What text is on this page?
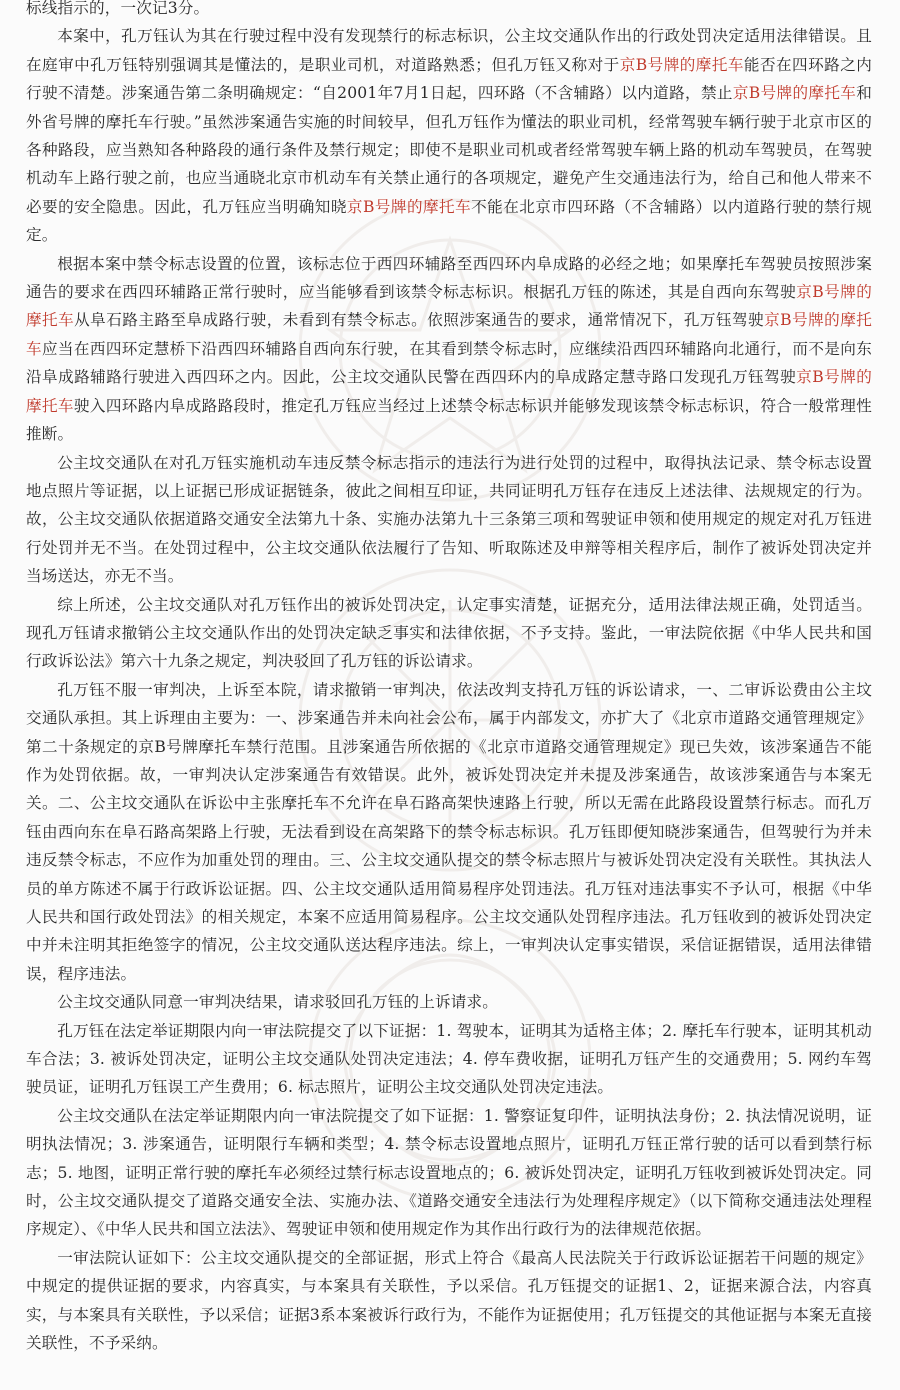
标线指示的，一次记3分。

本案中，孔万钰认为其在行驶过程中没有发现禁行的标志标识，公主坟交通队作出的行政处罚决定适用法律错误。且在庭审中孔万钰特别强调其是懂法的，是职业司机，对道路熟悉；但孔万钰又称对于京B号牌的摩托车能否在四环路之内行驶不清楚。涉案通告第二条明确规定：“自2001年7月1日起，四环路（不含辅路）以内道路，禁止京B号牌的摩托车和外省号牌的摩托车行驶。”虽然涉案通告实施的时间较早，但孔万钰作为懂法的职业司机，经常驾驶车辆行驶于北京市区的各种路段，应当熟知各种路段的通行条件及禁行规定；即使不是职业司机或者经常驾驶车辆上路的机动车驾驶员，在驾驶机动车上路行驶之前，也应当通晓北京市机动车有关禁止通行的各项规定，避免产生交通违法行为，给自己和他人带来不必要的安全隐患。因此，孔万钰应当明确知晓京B号牌的摩托车不能在北京市四环路（不含辅路）以内道路行驶的禁行规定。

根据本案中禁令标志设置的位置，该标志位于西四环辅路至西四环内阜成路的必经之地；如果摩托车驾驶员按照涉案通告的要求在西四环辅路正常行驶时，应当能够看到该禁令标志标识。根据孔万钰的陈述，其是自西向东驾驶京B号牌的摩托车从阜石路主路至阜成路行驶，未看到有禁令标志。依照涉案通告的要求，通常情况下，孔万钰驾驶京B号牌的摩托车应当在西四环定慧桥下沿西四环辅路自西向东行驶，在其看到禁令标志时，应继续沿西四环辅路向北通行，而不是向东沿阜成路辅路行驶进入西四环之内。因此，公主坟交通队民警在西四环内的阜成路定慧寺路口发现孔万钰驾驶京B号牌的摩托车驶入四环路内阜成路路段时，推定孔万钰应当经过上述禁令标志标识并能够发现该禁令标志标识，符合一般常理性推断。

公主坟交通队在对孔万钰实施机动车违反禁令标志指示的违法行为进行处罚的过程中，取得执法记录、禁令标志设置地点照片等证据，以上证据已形成证据链条，彼此之间相互印证，共同证明孔万钰存在违反上述法律、法规规定的行为。故，公主坟交通队依据道路交通安全法第九十条、实施办法第九十三条第三项和驾驶证申领和使用规定的规定对孔万钰进行处罚并无不当。在处罚过程中，公主坟交通队依法履行了告知、听取陈述及申辩等相关程序后，制作了被诉处罚决定并当场送达，亦无不当。

综上所述，公主坟交通队对孔万钰作出的被诉处罚决定，认定事实清楚，证据充分，适用法律法规正确，处罚适当。现孔万钰请求撤销公主坟交通队作出的处罚决定缺乏事实和法律依据，不予支持。鉴此，一审法院依据《中华人民共和国行政诉讼法》第六十九条之规定，判决驳回了孔万钰的诉讼请求。

孔万钰不服一审判决，上诉至本院，请求撤销一审判决，依法改判支持孔万钰的诉讼请求，一、二审诉讼费由公主坟交通队承担。其上诉理由主要为：一、涉案通告并未向社会公布，属于内部发文，亦扩大了《北京市道路交通管理规定》第二十条规定的京B号牌摩托车禁行范围。且涉案通告所依据的《北京市道路交通管理规定》现已失效，该涉案通告不能作为处罚依据。故，一审判决认定涉案通告有效错误。此外，被诉处罚决定并未提及涉案通告，故该涉案通告与本案无关。二、公主坟交通队在诉讼中主张摩托车不允许在阜石路高架快速路上行驶，所以无需在此路段设置禁行标志。而孔万钰由西向东在阜石路高架路上行驶，无法看到设在高架路下的禁令标志标识。孔万钰即便知晓涉案通告，但驾驶行为并未违反禁令标志，不应作为加重处罚的理由。三、公主坟交通队提交的禁令标志照片与被诉处罚决定没有关联性。其执法人员的单方陈述不属于行政诉讼证据。四、公主坟交通队适用简易程序处罚违法。孔万钰对违法事实不予认可，根据《中华人民共和国行政处罚法》的相关规定，本案不应适用简易程序。公主坟交通队处罚程序违法。孔万钰收到的被诉处罚决定中并未注明其拒绝签字的情况，公主坟交通队送达程序违法。综上，一审判决认定事实错误，采信证据错误，适用法律错误，程序违法。

公主坟交通队同意一审判决结果，请求驳回孔万钰的上诉请求。

孔万钰在法定举证期限内向一审法院提交了以下证据：1. 驾驶本，证明其为适格主体；2. 摩托车行驶本，证明其机动车合法；3. 被诉处罚决定，证明公主坟交通队处罚决定违法；4. 停车费收据，证明孔万钰产生的交通费用；5. 网约车驾驶员证，证明孔万钰误工产生费用；6. 标志照片，证明公主坟交通队处罚决定违法。

公主坟交通队在法定举证期限内向一审法院提交了如下证据：1. 警察证复印件，证明执法身份；2. 执法情况说明，证明执法情况；3. 涉案通告，证明限行车辆和类型；4. 禁令标志设置地点照片，证明孔万钰正常行驶的话可以看到禁行标志；5. 地图，证明正常行驶的摩托车必须经过禁行标志设置地点的；6. 被诉处罚决定，证明孔万钰收到被诉处罚决定。同时，公主坟交通队提交了道路交通安全法、实施办法、《道路交通安全违法行为处理程序规定》（以下简称交通违法处理程序规定）、《中华人民共和国立法法》、驾驶证申领和使用规定作为其作出行政行为的法律规范依据。

一审法院认证如下：公主坟交通队提交的全部证据，形式上符合《最高人民法院关于行政诉讼证据若干问题的规定》中规定的提供证据的要求，内容真实，与本案具有关联性，予以采信。孔万钰提交的证据1、2，证据来源合法，内容真实，与本案具有关联性，予以采信；证据3系本案被诉行政行为，不能作为证据使用；孔万钰提交的其他证据与本案无直接关联性，不予采纳。
